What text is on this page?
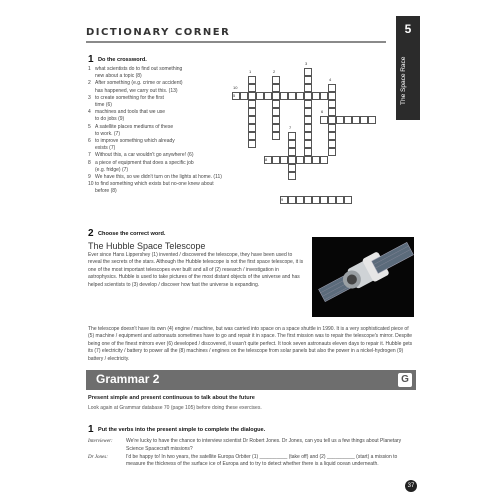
DICTIONARY CORNER	5
The Space Race
1 Do the crossword.
1 what scientists do to find out something
new about a topic (8)
2 After something (e.g. crime or accident)
has happened, we carry out this. (13)
3 to create something for the first
time (6)
4 machines and tools that we use
to do jobs (9)
5 A satellite places mediums of these
to work. (7)
6 to improve something which already
exists (7)
7 Without this, a car wouldn't go anywhere! (6)
8 a piece of equipment that does a specific job
(e.g. fridge) (7)
9 We have this, so we didn't turn on the lights at home. (11)
10 to find something which exists but no-one knew about before (8)
1	2
3
4
5
6
7
8
9
10
2 Choose the correct word.
The Hubble Space Telescope
Ever since Hans Lippershey (1) invented / discovered the telescope, they have been used to reveal the secrets of the stars. Although the Hubble telescope is not the first space telescope, it is one of the most important telescopes ever built and all of (2) research / investigation in astrophysics. Hubble is used to take pictures of the most distant objects of the universe and has helped scientists to (3) develop / discover how fast the universe is expanding.
The telescope doesn't have its own (4) engine / machine, but was carried into space on a space shuttle in 1990. It is a very sophisticated piece of (5) machine / equipment and astronauts sometimes have to go and repair it in space. The first mission was to repair the telescope's mirror. Despite being one of the finest mirrors ever (6) developed / discovered, it wasn't quite perfect. It took seven astronauts eleven days to repair it. Hubble gets its (7) electricity / battery to power all the (8) machines / engines on the telescope from solar panels but also the power in a nickel-hydrogen (9) battery / electricity.
Grammar 2	G
Present simple and present continuous to talk about the future
Look again at Grammar database 70 (page 105) before doing these exercises.
1 Put the verbs into the present simple to complete the dialogue.
Interviewer:	We're lucky to have the chance to interview scientist Dr Robert Jones. Dr Jones, can you tell us a few things about Planetary Science Spacecraft missions?
Dr Jones:	I'd be happy to! In two years, the satellite Europa Orbiter (1) __________ (take off) and (2) __________ (start) a mission to measure the thickness of the surface ice of Europa and to try to detect whether there is a liquid ocean underneath.
37
